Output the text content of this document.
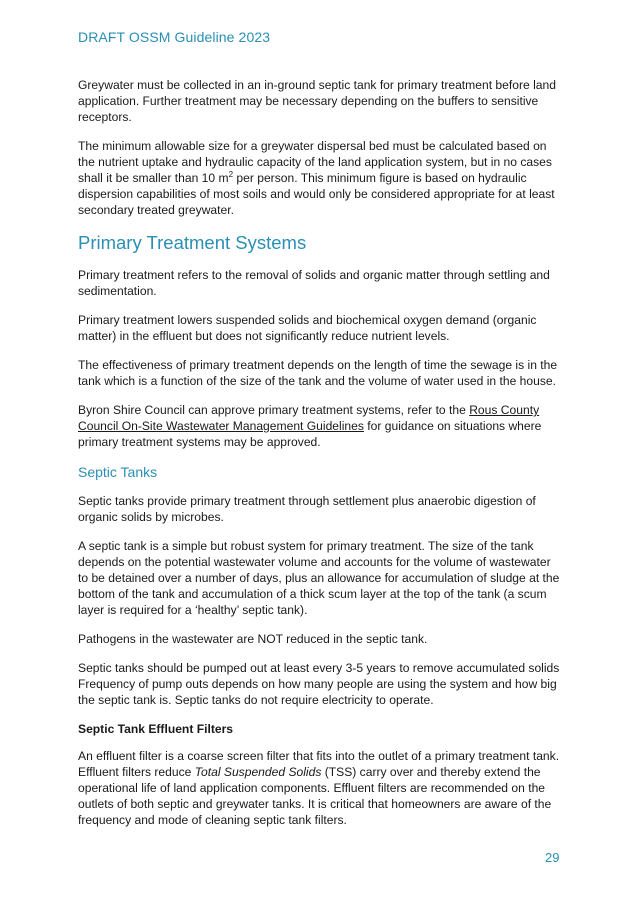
DRAFT OSSM Guideline 2023

Greywater must be collected in an in-ground septic tank for primary treatment before land application. Further treatment may be necessary depending on the buffers to sensitive receptors.

The minimum allowable size for a greywater dispersal bed must be calculated based on the nutrient uptake and hydraulic capacity of the land application system, but in no cases shall it be smaller than 10 $m^2$ per person. This minimum figure is based on hydraulic dispersion capabilities of most soils and would only be considered appropriate for at least secondary treated greywater.

Primary Treatment Systems

Primary treatment refers to the removal of solids and organic matter through settling and sedimentation.

Primary treatment lowers suspended solids and biochemical oxygen demand (organic matter) in the effluent but does not significantly reduce nutrient levels.

The effectiveness of primary treatment depends on the length of time the sewage is in the tank which is a function of the size of the tank and the volume of water used in the house.

Byron Shire Council can approve primary treatment systems, refer to the Rous County Council On-Site Wastewater Management Guidelines for guidance on situations where primary treatment systems may be approved.

Septic Tanks

Septic tanks provide primary treatment through settlement plus anaerobic digestion of organic solids by microbes.

A septic tank is a simple but robust system for primary treatment. The size of the tank depends on the potential wastewater volume and accounts for the volume of wastewater to be detained over a number of days, plus an allowance for accumulation of sludge at the bottom of the tank and accumulation of a thick scum layer at the top of the tank (a scum layer is required for a ‘healthy’ septic tank).

Pathogens in the wastewater are NOT reduced in the septic tank.

Septic tanks should be pumped out at least every 3-5 years to remove accumulated solids Frequency of pump outs depends on how many people are using the system and how big the septic tank is. Septic tanks do not require electricity to operate.

Septic Tank Effluent Filters

An effluent filter is a coarse screen filter that fits into the outlet of a primary treatment tank. Effluent filters reduce Total Suspended Solids (TSS) carry over and thereby extend the operational life of land application components. Effluent filters are recommended on the outlets of both septic and greywater tanks. It is critical that homeowners are aware of the frequency and mode of cleaning septic tank filters.

29
